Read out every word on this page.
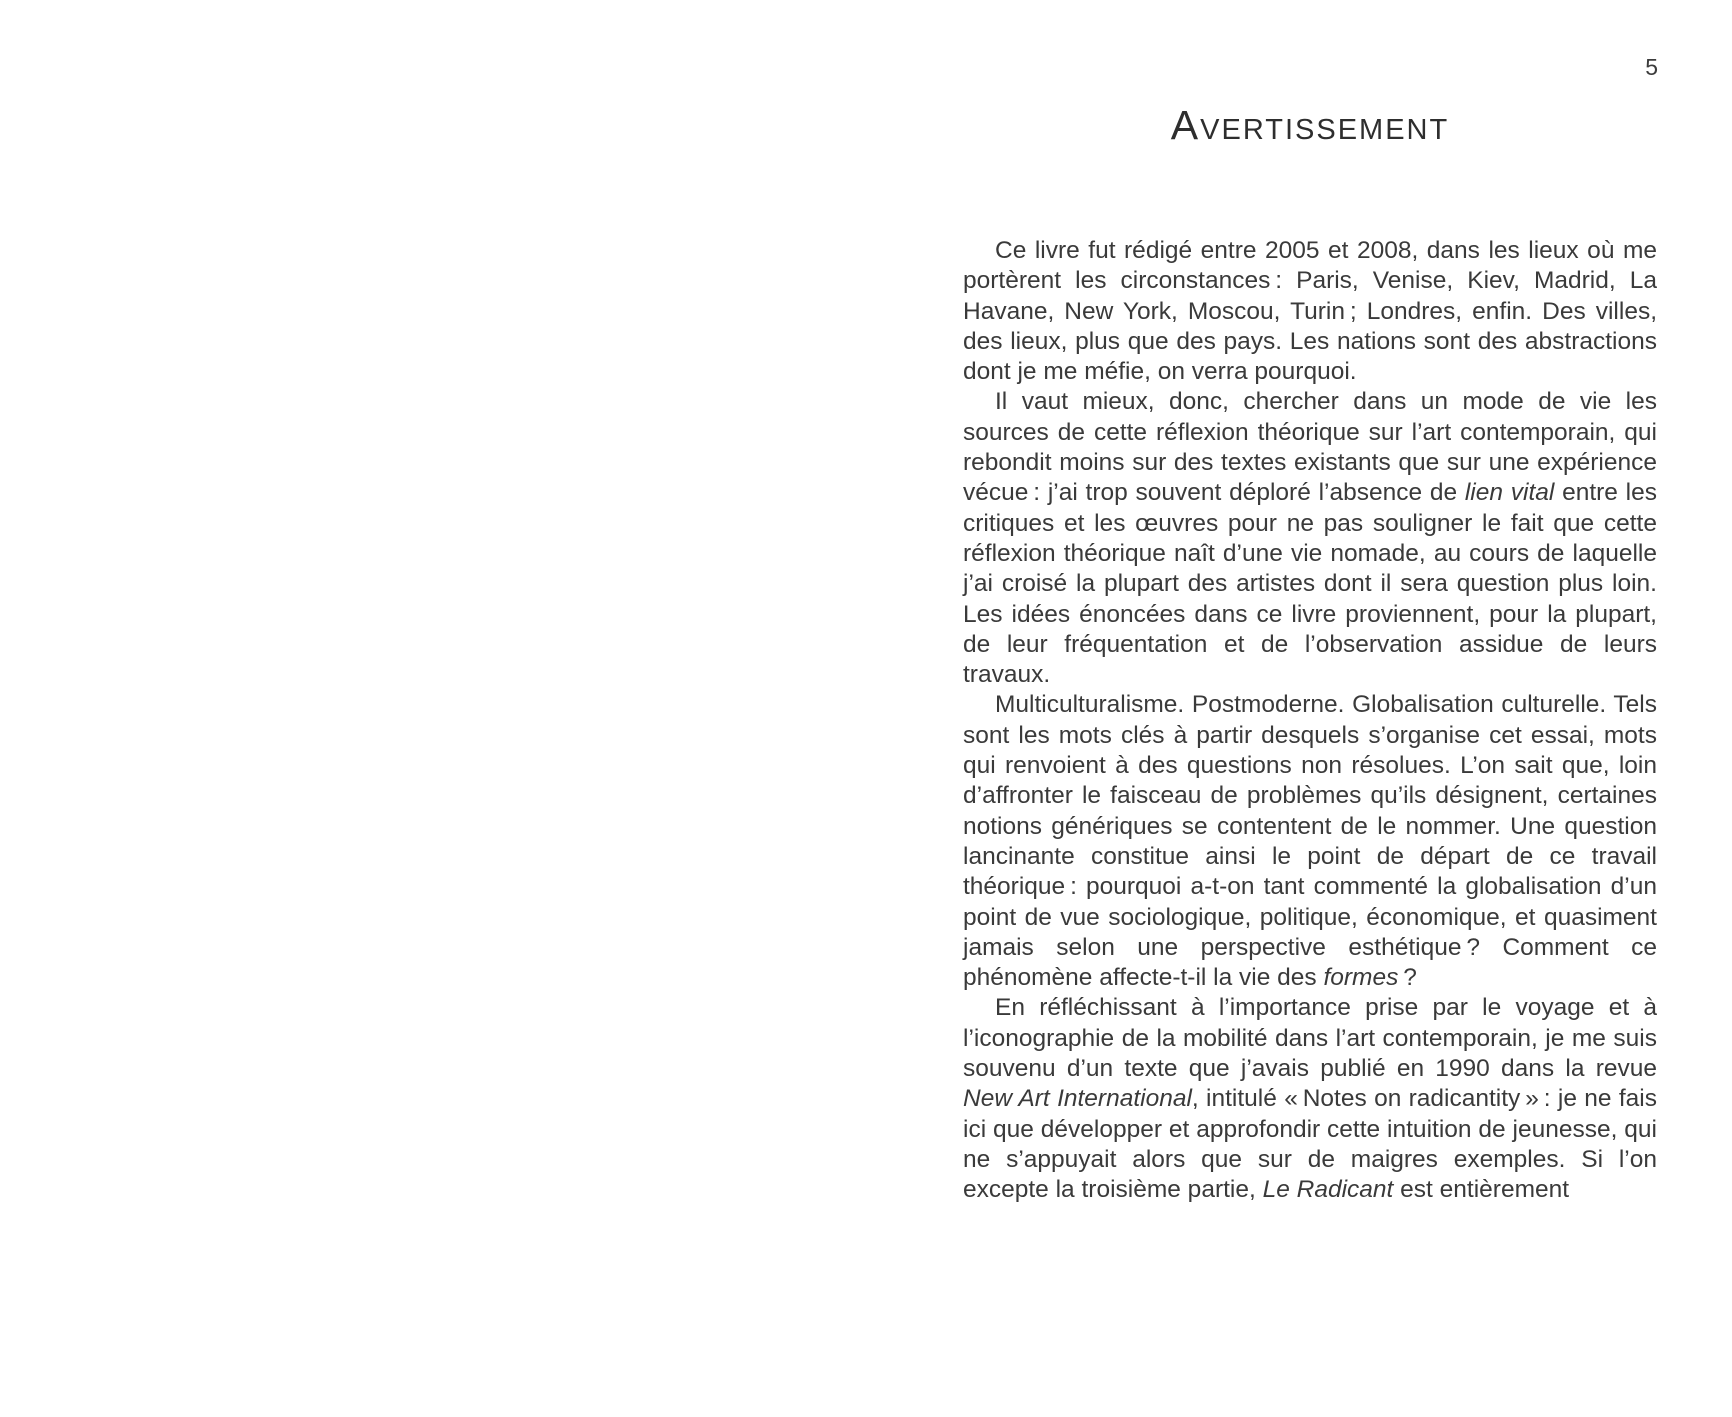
5
Avertissement

Ce livre fut rédigé entre 2005 et 2008, dans les lieux où me portèrent les circonstances : Paris, Venise, Kiev, Madrid, La Havane, New York, Moscou, Turin ; Londres, enfin. Des villes, des lieux, plus que des pays. Les nations sont des abstractions dont je me méfie, on verra pourquoi.

Il vaut mieux, donc, chercher dans un mode de vie les sources de cette réflexion théorique sur l’art contemporain, qui rebondit moins sur des textes existants que sur une expérience vécue : j’ai trop souvent déploré l’absence de lien vital entre les critiques et les œuvres pour ne pas souligner le fait que cette réflexion théorique naît d’une vie nomade, au cours de laquelle j’ai croisé la plupart des artistes dont il sera question plus loin. Les idées énoncées dans ce livre proviennent, pour la plupart, de leur fréquentation et de l’observation assidue de leurs travaux.

Multiculturalisme. Postmoderne. Globalisation culturelle. Tels sont les mots clés à partir desquels s’organise cet essai, mots qui renvoient à des questions non résolues. L’on sait que, loin d’affronter le faisceau de problèmes qu’ils désignent, certaines notions génériques se contentent de le nommer. Une question lancinante constitue ainsi le point de départ de ce travail théorique : pourquoi a-t-on tant commenté la globalisation d’un point de vue sociologique, politique, économique, et quasiment jamais selon une perspective esthétique ? Comment ce phénomène affecte-t-il la vie des formes ?

En réfléchissant à l’importance prise par le voyage et à l’iconographie de la mobilité dans l’art contemporain, je me suis souvenu d’un texte que j’avais publié en 1990 dans la revue New Art International, intitulé « Notes on radicantity » : je ne fais ici que développer et approfondir cette intuition de jeunesse, qui ne s’appuyait alors que sur de maigres exemples. Si l’on excepte la troisième partie, Le Radicant est entièrement
